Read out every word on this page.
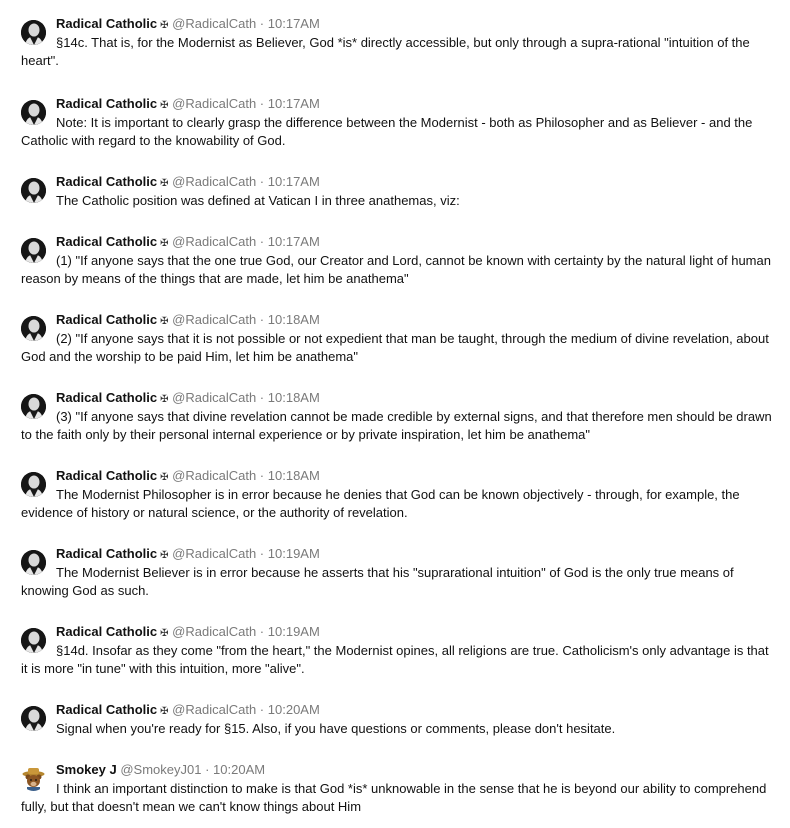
Radical Catholic ✠ @RadicalCath · 10:17AM

§14c. That is, for the Modernist as Believer, God *is* directly accessible, but only through a supra-rational "intuition of the heart".

Radical Catholic ✠ @RadicalCath · 10:17AM

Note: It is important to clearly grasp the difference between the Modernist - both as Philosopher and as Believer - and the Catholic with regard to the knowability of God.

Radical Catholic ✠ @RadicalCath · 10:17AM

The Catholic position was defined at Vatican I in three anathemas, viz:

Radical Catholic ✠ @RadicalCath · 10:17AM

(1) "If anyone says that the one true God, our Creator and Lord, cannot be known with certainty by the natural light of human reason by means of the things that are made, let him be anathema"

Radical Catholic ✠ @RadicalCath · 10:18AM

(2) "If anyone says that it is not possible or not expedient that man be taught, through the medium of divine revelation, about God and the worship to be paid Him, let him be anathema"

Radical Catholic ✠ @RadicalCath · 10:18AM

(3) "If anyone says that divine revelation cannot be made credible by external signs, and that therefore men should be drawn to the faith only by their personal internal experience or by private inspiration, let him be anathema"

Radical Catholic ✠ @RadicalCath · 10:18AM

The Modernist Philosopher is in error because he denies that God can be known objectively - through, for example, the evidence of history or natural science, or the authority of revelation.

Radical Catholic ✠ @RadicalCath · 10:19AM

The Modernist Believer is in error because he asserts that his "suprarational intuition" of God is the only true means of knowing God as such.

Radical Catholic ✠ @RadicalCath · 10:19AM

§14d. Insofar as they come "from the heart," the Modernist opines, all religions are true. Catholicism's only advantage is that it is more "in tune" with this intuition, more "alive".

Radical Catholic ✠ @RadicalCath · 10:20AM

Signal when you're ready for §15. Also, if you have questions or comments, please don't hesitate.

Smokey J @SmokeyJ01 · 10:20AM

I think an important distinction to make is that God *is* unknowable in the sense that he is beyond our ability to comprehend fully, but that doesn't mean we can't know things about Him
